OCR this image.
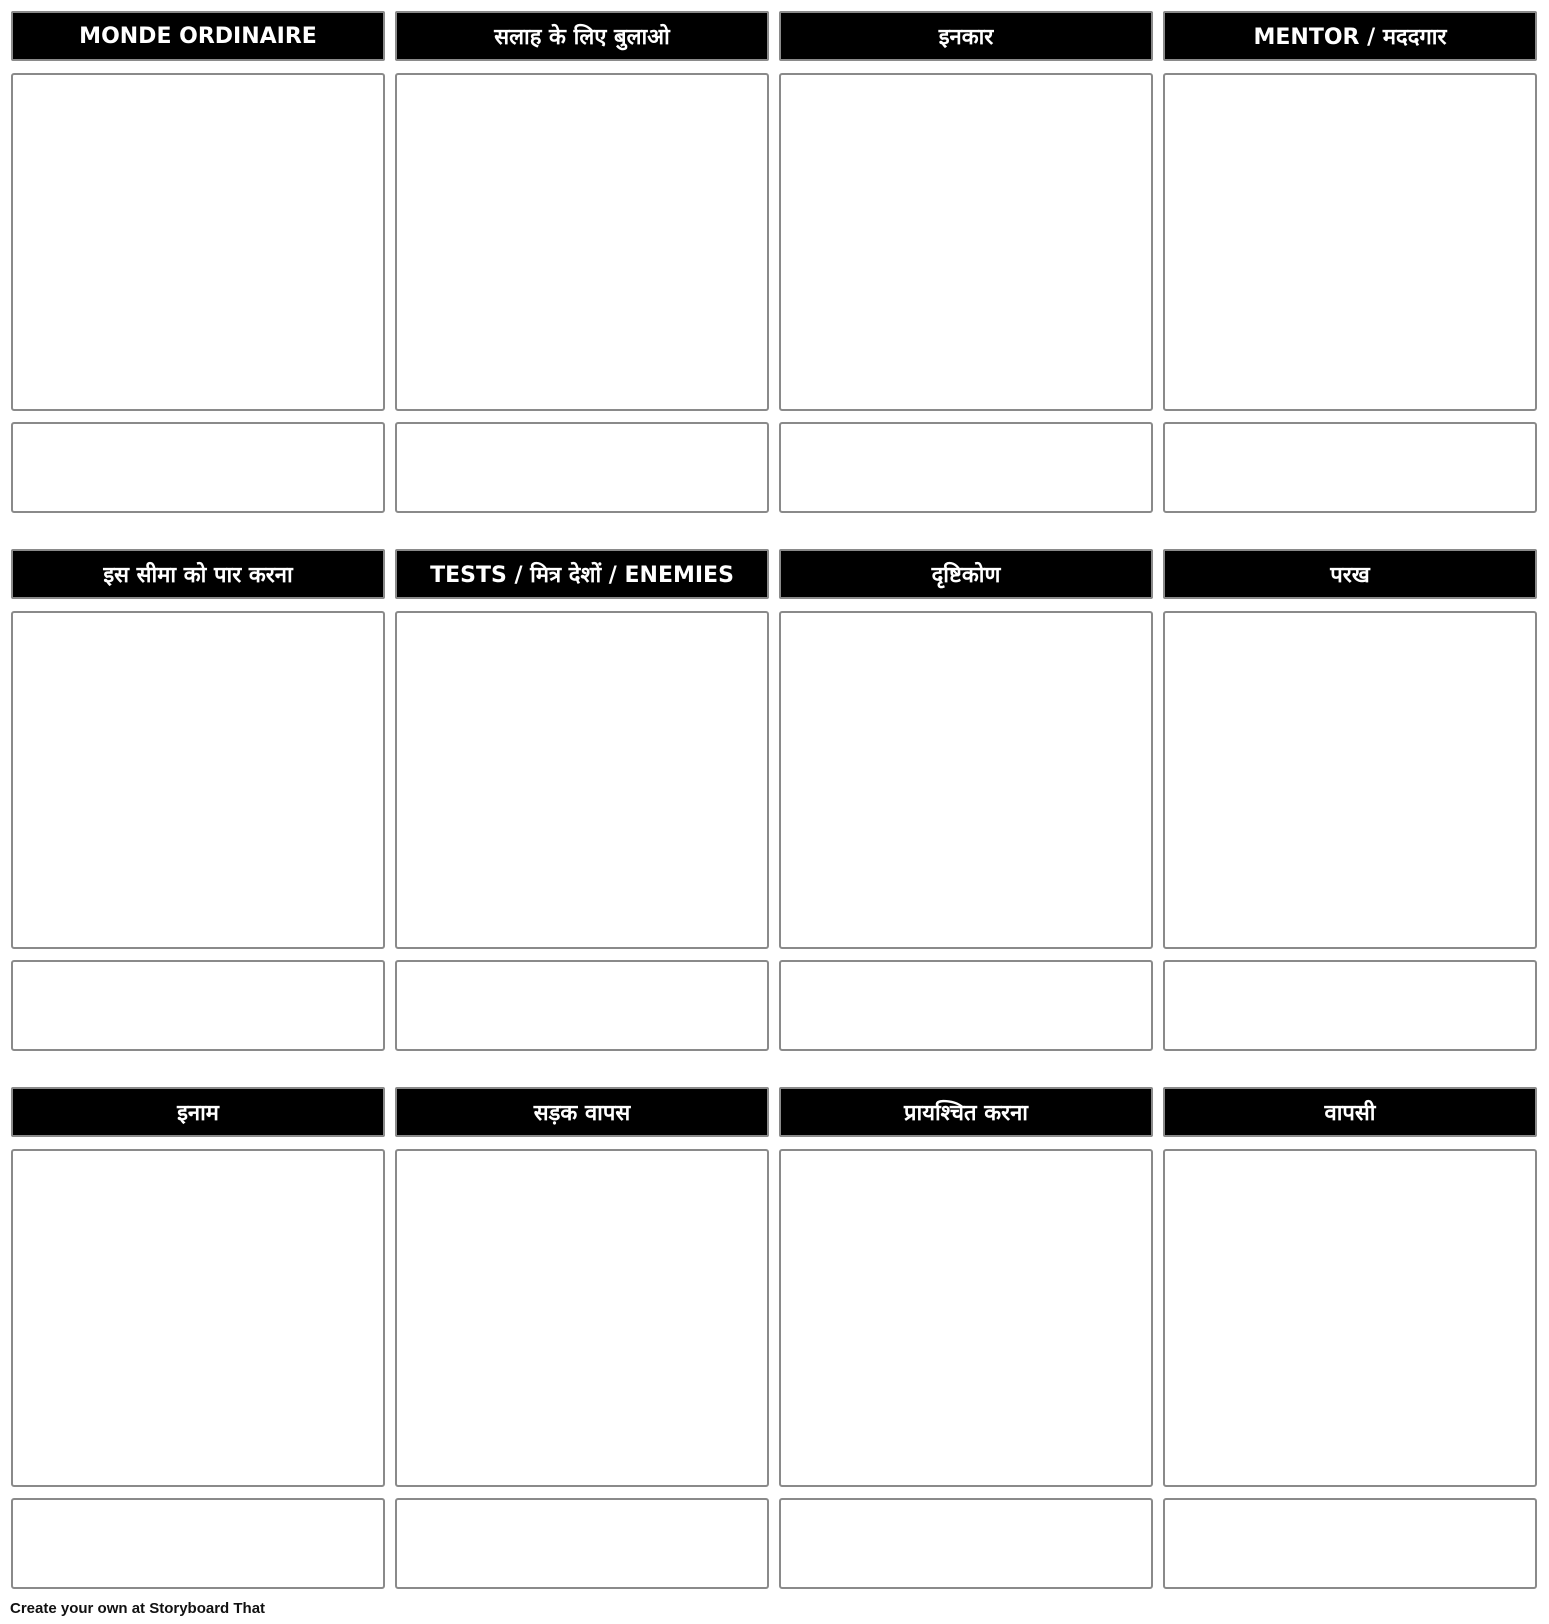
MONDE ORDINAIRE	सलाह के लिए बुलाओ	इनकार	MENTOR / मददगार
इस सीमा को पार करना	TESTS / मित्र देशों / ENEMIES	दृष्टिकोण	परख
इनाम	सड़क वापस	प्रायश्चित करना	वापसी
Create your own at Storyboard That
